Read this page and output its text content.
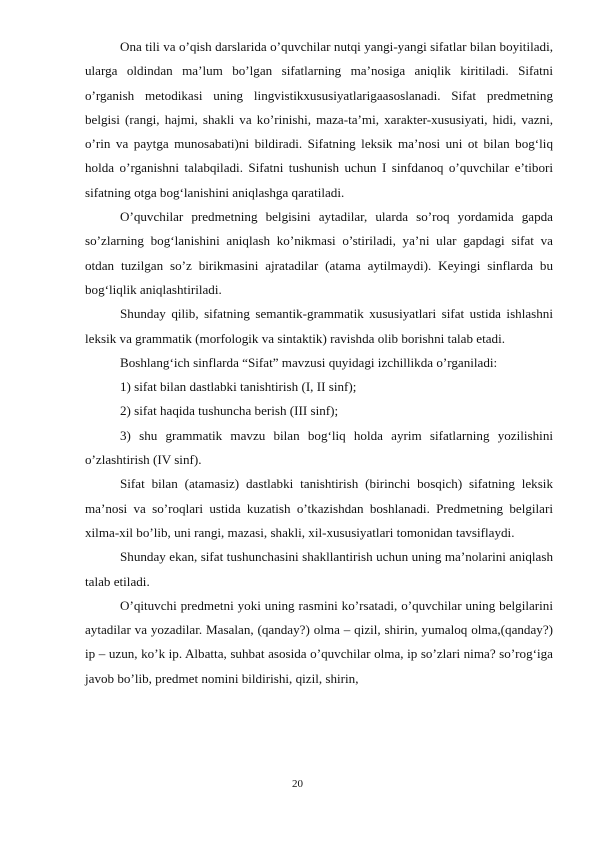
Ona tili va o’qish darslarida o’quvchilar nutqi yangi-yangi sifatlar bilan boyitiladi, ularga oldindan ma’lum bo’lgan sifatlarning ma’nosiga aniqlik kiritiladi. Sifatni o’rganish metodikasi uning lingvistikxususiyatlarigaasoslanadi. Sifat predmetning belgisi (rangi, hajmi, shakli va ko’rinishi, maza-ta’mi, xarakter-xususiyati, hidi, vazni, o’rin va paytga munosabati)ni bildiradi. Sifatning leksik ma’nosi uni ot bilan bog‘liq holda o’rganishni talabqiladi. Sifatni tushunish uchun I sinfdanoq o’quvchilar e’tibori sifatning otga bog‘lanishini aniqlashga qaratiladi.

O’quvchilar predmetning belgisini aytadilar, ularda so’roq yordamida gapda so’zlarning bog‘lanishini aniqlash ko’nikmasi o’stiriladi, ya’ni ular gapdagi sifat va otdan tuzilgan so’z birikmasini ajratadilar (atama aytilmaydi). Keyingi sinflarda bu bog‘liqlik aniqlashtiriladi.

Shunday qilib, sifatning semantik-grammatik xususiyatlari sifat ustida ishlashni leksik va grammatik (morfologik va sintaktik) ravishda olib borishni talab etadi.

Boshlang‘ich sinflarda “Sifat” mavzusi quyidagi izchillikda o’rganiladi:

1) sifat bilan dastlabki tanishtirish (I, II sinf);

2) sifat haqida tushuncha berish (III sinf);

3) shu grammatik mavzu bilan bog‘liq holda ayrim sifatlarning yozilishini o’zlashtirish (IV sinf).

Sifat bilan (atamasiz) dastlabki tanishtirish (birinchi bosqich) sifatning leksik ma’nosi va so’roqlari ustida kuzatish o’tkazishdan boshlanadi. Predmetning belgilari xilma-xil bo’lib, uni rangi, mazasi, shakli, xil-xususiyatlari tomonidan tavsiflaydi.

Shunday ekan, sifat tushunchasini shakllantirish uchun uning ma’nolarini aniqlash talab etiladi.

O’qituvchi predmetni yoki uning rasmini ko’rsatadi, o’quvchilar uning belgilarini aytadilar va yozadilar. Masalan, (qanday?) olma – qizil, shirin, yumaloq olma,(qanday?) ip – uzun, ko’k ip. Albatta, suhbat asosida o’quvchilar olma, ip so’zlari nima? so’rog‘iga javob bo’lib, predmet nomini bildirishi, qizil, shirin,

20
